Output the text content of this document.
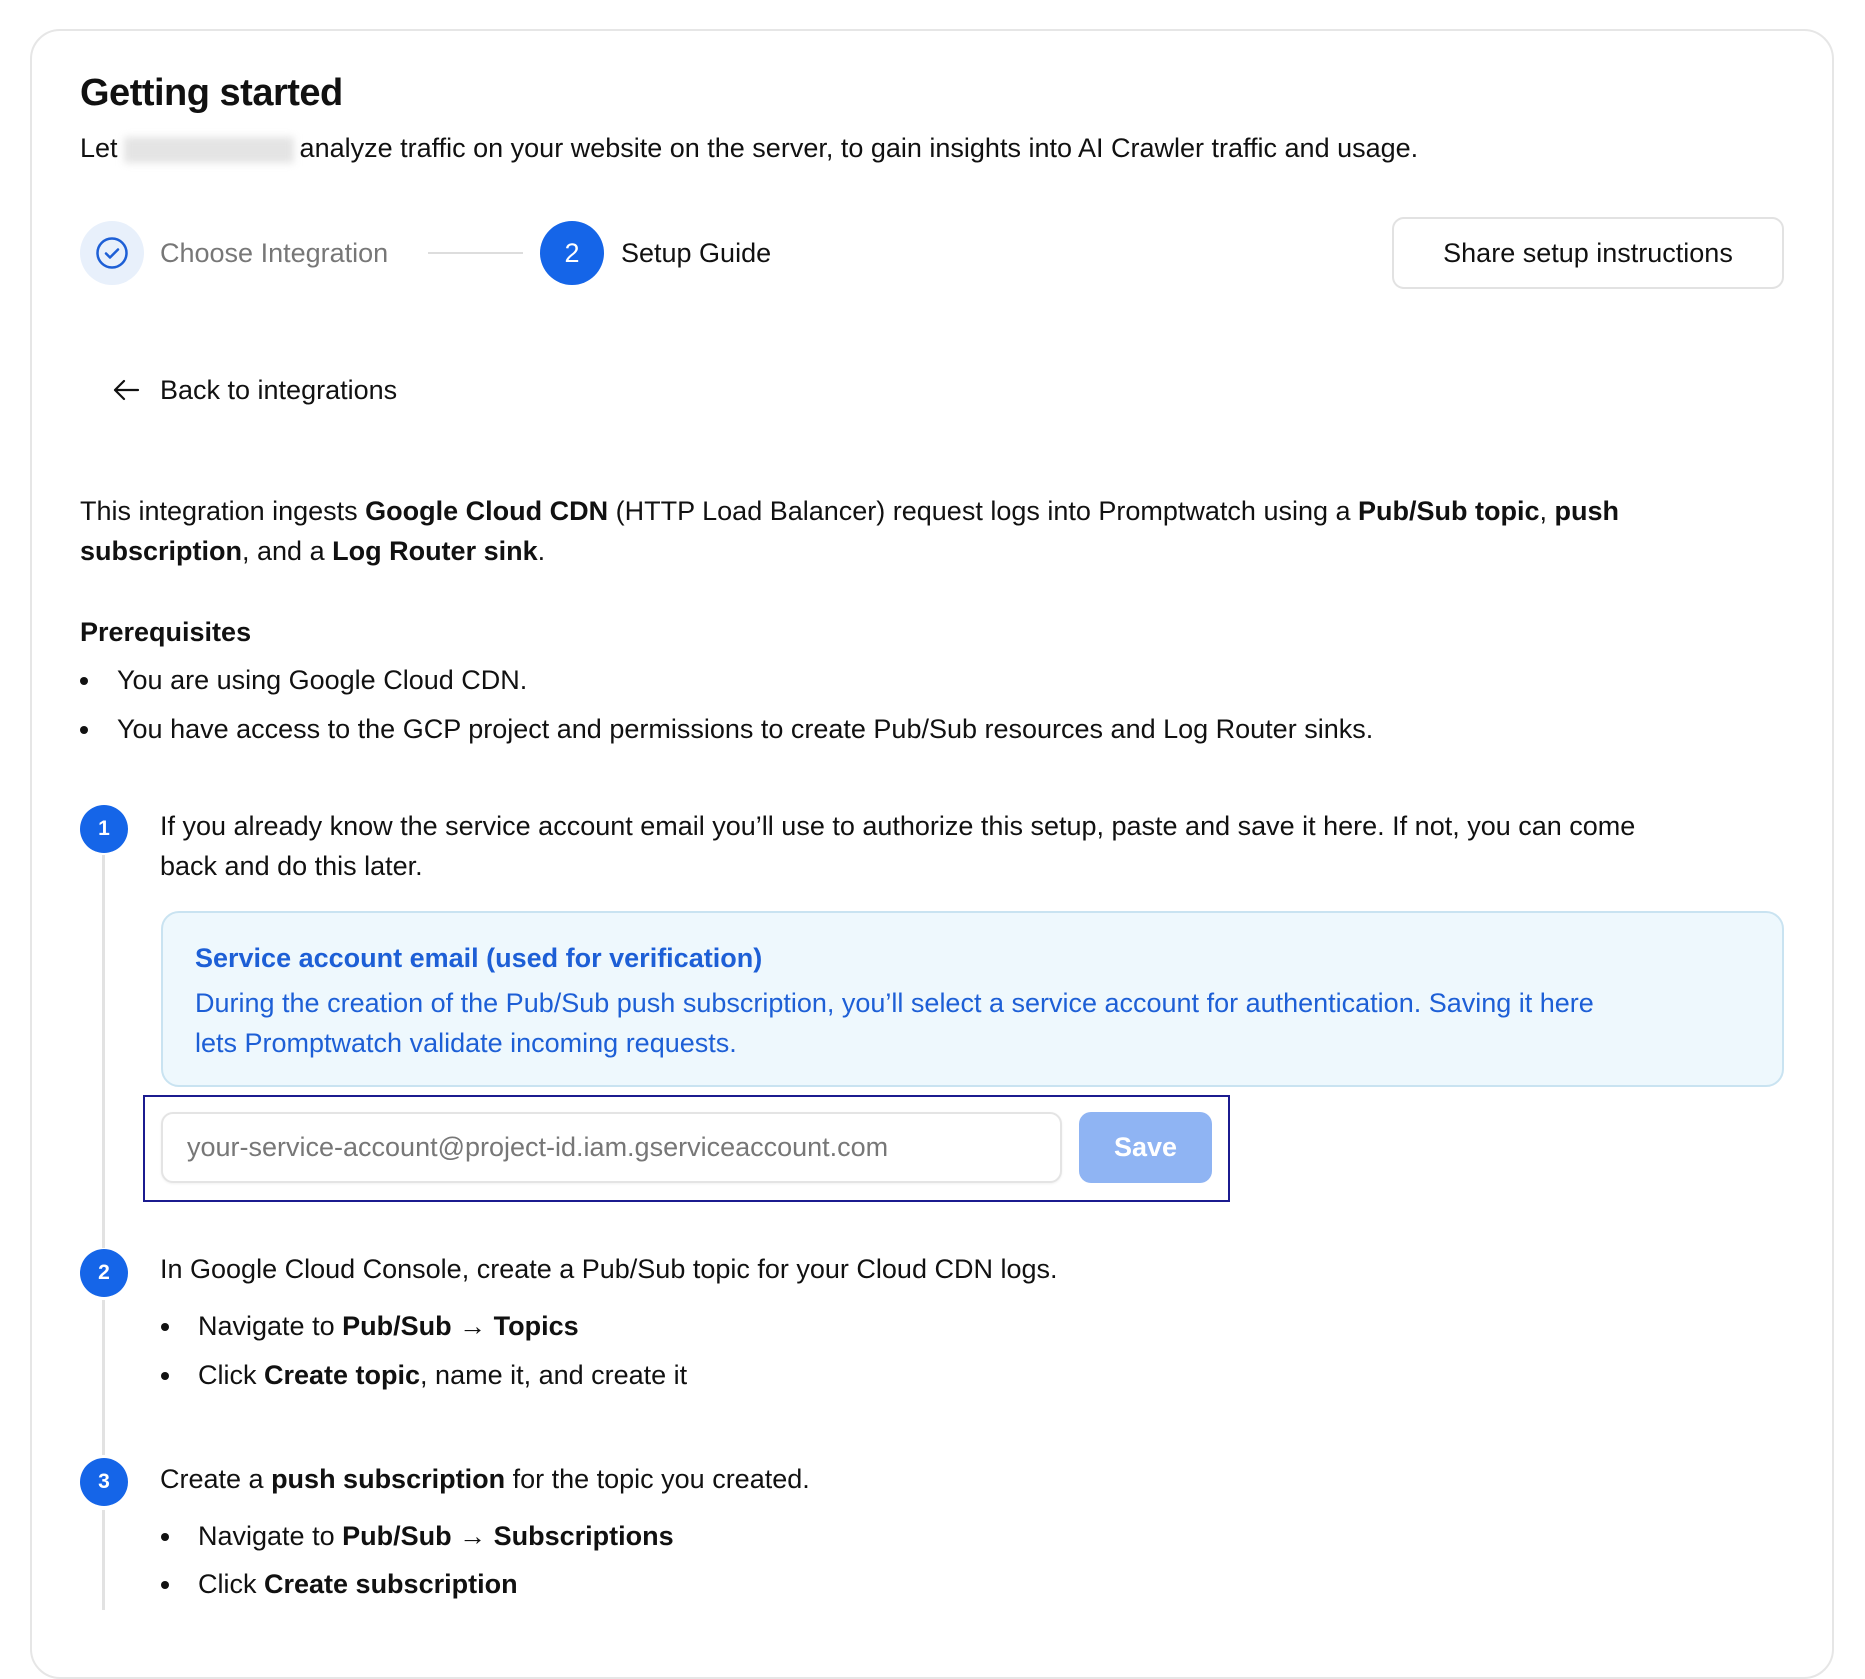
Getting started
Let	analyze traffic on your website on the server, to gain insights into AI Crawler traffic and usage.
Choose Integration	2	Setup Guide	Share setup instructions
Back to integrations
This integration ingests Google Cloud CDN (HTTP Load Balancer) request logs into Promptwatch using a Pub/Sub topic, push subscription, and a Log Router sink.
Prerequisites
You are using Google Cloud CDN.
You have access to the GCP project and permissions to create Pub/Sub resources and Log Router sinks.
1	If you already know the service account email you’ll use to authorize this setup, paste and save it here. If not, you can come
back and do this later.
Service account email (used for verification)
During the creation of the Pub/Sub push subscription, you’ll select a service account for authentication. Saving it here
lets Promptwatch validate incoming requests.
your-service-account@project-id.iam.gserviceaccount.com
Save
2	In Google Cloud Console, create a Pub/Sub topic for your Cloud CDN logs.
Navigate to Pub/Sub → Topics
Click Create topic, name it, and create it
3	Create a push subscription for the topic you created.
Navigate to Pub/Sub → Subscriptions
Click Create subscription
